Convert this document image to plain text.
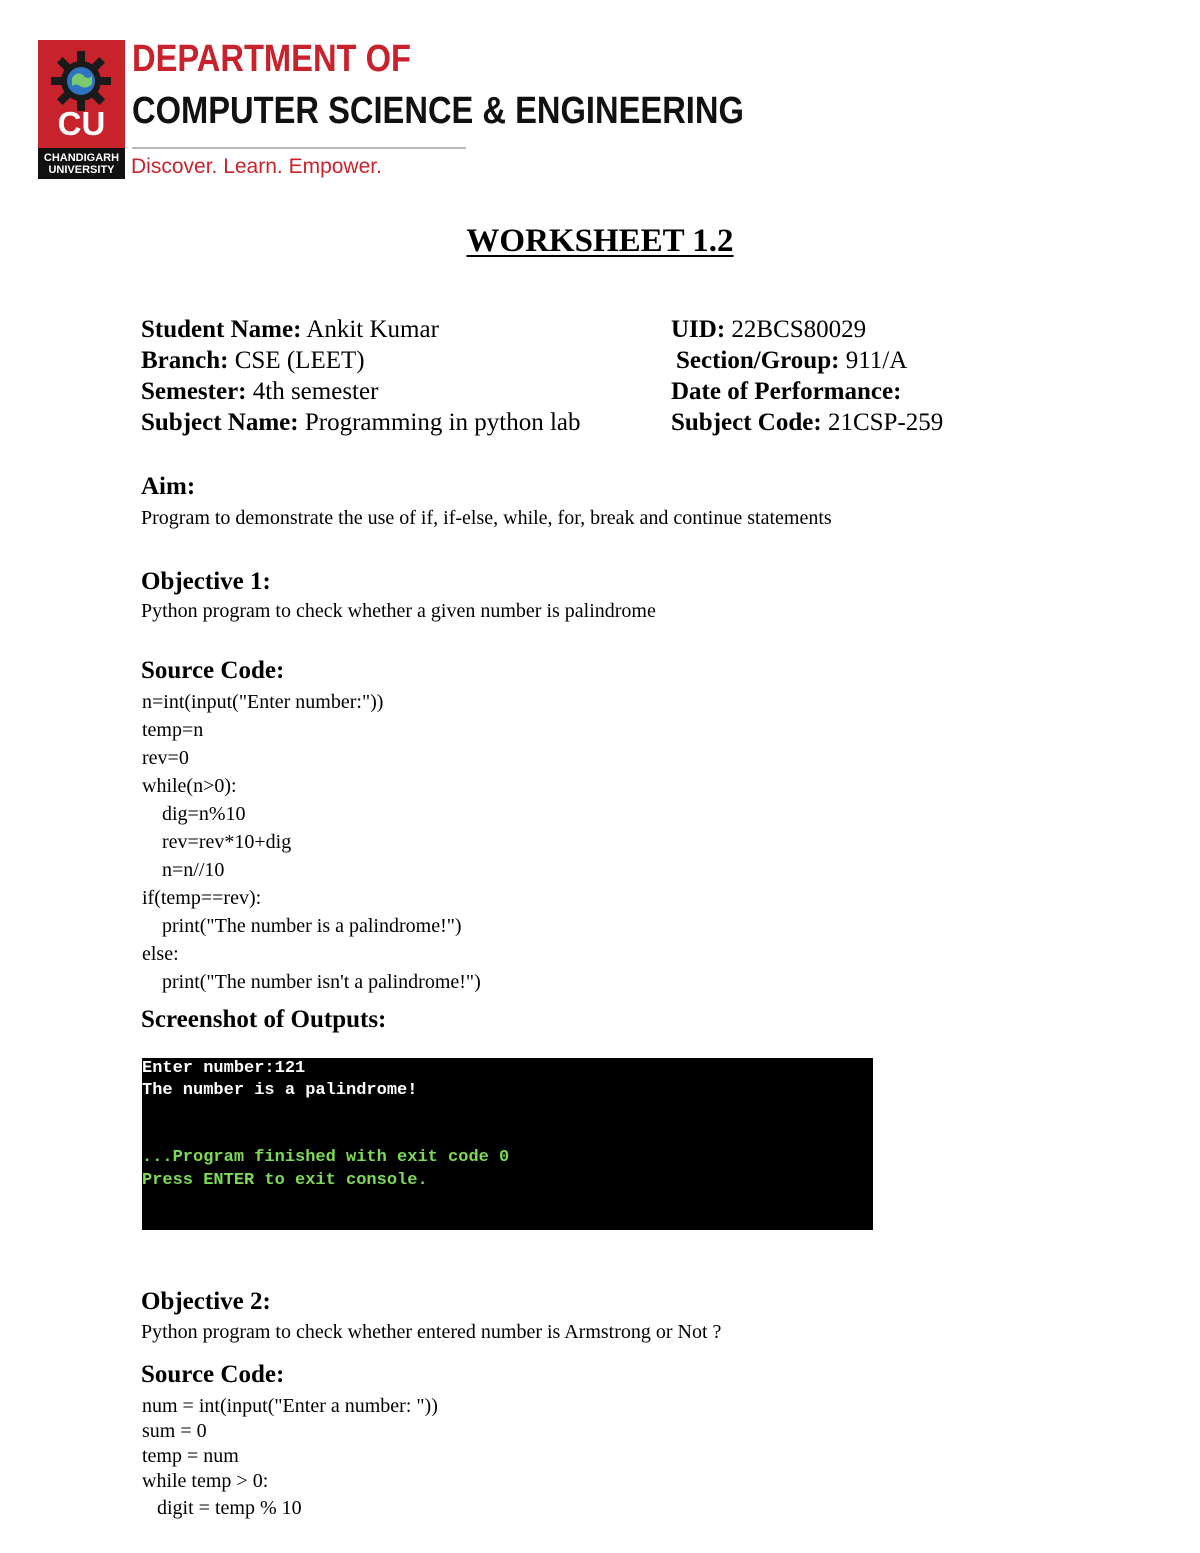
CU
CHANDIGARH
UNIVERSITY
DEPARTMENT OF
COMPUTER SCIENCE & ENGINEERING
Discover. Learn. Empower.
WORKSHEET 1.2
Student Name: Ankit Kumar
Branch: CSE (LEET)
Semester: 4th semester
Subject Name: Programming in python lab
UID: 22BCS80029
Section/Group: 911/A
Date of Performance:
Subject Code: 21CSP-259
Aim:
Program to demonstrate the use of if, if-else, while, for, break and continue statements
Objective 1:
Python program to check whether a given number is palindrome
Source Code:
n=int(input("Enter number:"))
temp=n
rev=0
while(n>0):
dig=n%10
rev=rev*10+dig
n=n//10
if(temp==rev):
print("The number is a palindrome!")
else:
print("The number isn't a palindrome!")
Screenshot of Outputs:
Enter number:121
The number is a palindrome!
...Program finished with exit code 0
Press ENTER to exit console.
Objective 2:
Python program to check whether entered number is Armstrong or Not ?
Source Code:
num = int(input("Enter a number: "))
sum = 0
temp = num
while temp > 0:
digit = temp % 10
